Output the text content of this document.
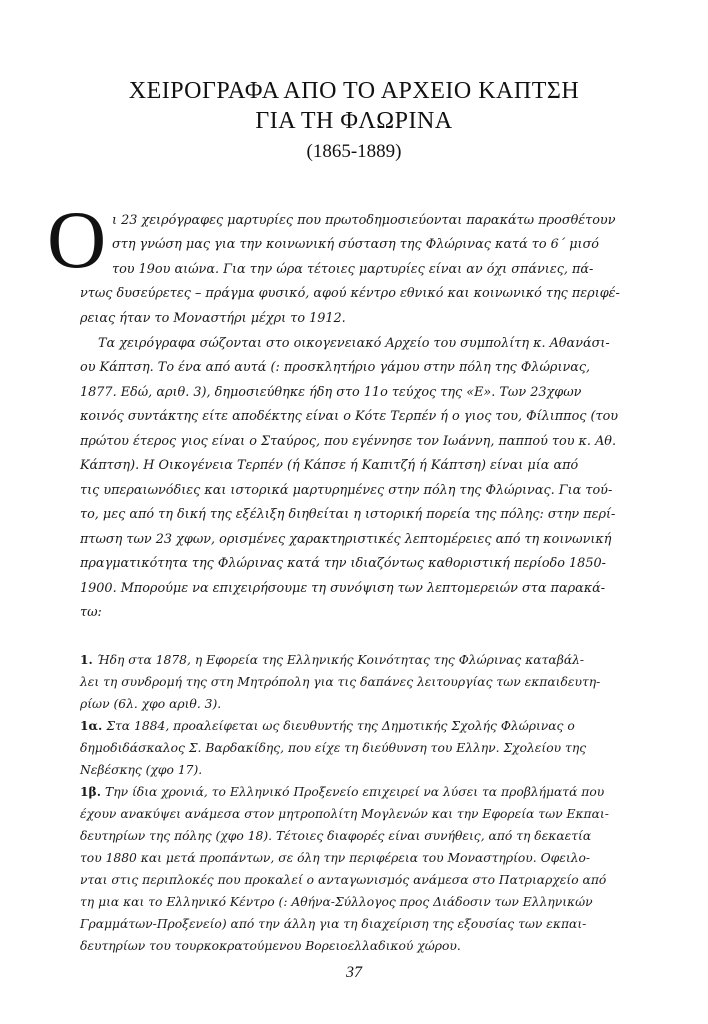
ΧΕΙΡΟΓΡΑΦΑ ΑΠΟ ΤΟ ΑΡΧΕΙΟ ΚΑΠΤΣΗ
ΓΙΑ ΤΗ ΦΛΩΡΙΝΑ
(1865-1889)
Ο ι 23 χειρόγραφες μαρτυρίες που πρωτοδημοσιεύονται παρακάτω προσθέτουν
στη γνώση μας για την κοινωνική σύσταση της Φλώρινας κατά το 6΄ μισό
του 19ου αιώνα. Για την ώρα τέτοιες μαρτυρίες είναι αν όχι σπάνιες, πά-
ντως δυσεύρετες – πράγμα φυσικό, αφού κέντρο εθνικό και κοινωνικό της περιφέ-
ρειας ήταν το Μοναστήρι μέχρι το 1912.
Τα χειρόγραφα σώζονται στο οικογενειακό Αρχείο του συμπολίτη κ. Αθανάσι-
ου Κάπτση. Το ένα από αυτά (: προσκλητήριο γάμου στην πόλη της Φλώρινας,
1877. Εδώ, αριθ. 3), δημοσιεύθηκε ήδη στο 11ο τεύχος της «Ε». Των 23χφων
κοινός συντάκτης είτε αποδέκτης είναι ο Κότε Τερπέν ή ο γιος του, Φίλιππος (του
πρώτου έτερος γιος είναι ο Σταύρος, που εγέννησε τον Ιωάννη, παππού του κ. Αθ.
Κάπτση). Η Οικογένεια Τερπέν (ή Κάπσε ή Καπιτζή ή Κάπτση) είναι μία από
τις υπεραιωνόδιες και ιστορικά μαρτυρημένες στην πόλη της Φλώρινας. Για τού-
το, μες από τη δική της εξέλιξη διηθείται η ιστορική πορεία της πόλης: στην περί-
πτωση των 23 χφων, ορισμένες χαρακτηριστικές λεπτομέρειες από τη κοινωνική
πραγματικότητα της Φλώρινας κατά την ιδιαζόντως καθοριστική περίοδο 1850-
1900. Μπορούμε να επιχειρήσουμε τη συνόψιση των λεπτομερειών στα παρακά-
τω:
1. Ήδη στα 1878, η Εφορεία της Ελληνικής Κοινότητας της Φλώρινας καταβάλ-
λει τη συνδρομή της στη Μητρόπολη για τις δαπάνες λειτουργίας των εκπαιδευτη-
ρίων (6λ. χφο αριθ. 3).
1α. Στα 1884, προαλείφεται ως διευθυντής της Δημοτικής Σχολής Φλώρινας ο
δημοδιδάσκαλος Σ. Βαρδακίδης, που είχε τη διεύθυνση του Ελλην. Σχολείου της
Νεβέσκης (χφο 17).
1β. Την ίδια χρονιά, το Ελληνικό Προξενείο επιχειρεί να λύσει τα προβλήματά που
έχουν ανακύψει ανάμεσα στον μητροπολίτη Μογλενών και την Εφορεία των Εκπαι-
δευτηρίων της πόλης (χφο 18). Τέτοιες διαφορές είναι συνήθεις, από τη δεκαετία
του 1880 και μετά προπάντων, σε όλη την περιφέρεια του Μοναστηρίου. Οφειλο-
νται στις περιπλοκές που προκαλεί ο ανταγωνισμός ανάμεσα στο Πατριαρχείο από
τη μια και το Ελληνικό Κέντρο (: Αθήνα-Σύλλογος προς Διάδοσιν των Ελληνικών
Γραμμάτων-Προξενείο) από την άλλη για τη διαχείριση της εξουσίας των εκπαι-
δευτηρίων του τουρκοκρατούμενου Βορειοελλαδικού χώρου.
37
